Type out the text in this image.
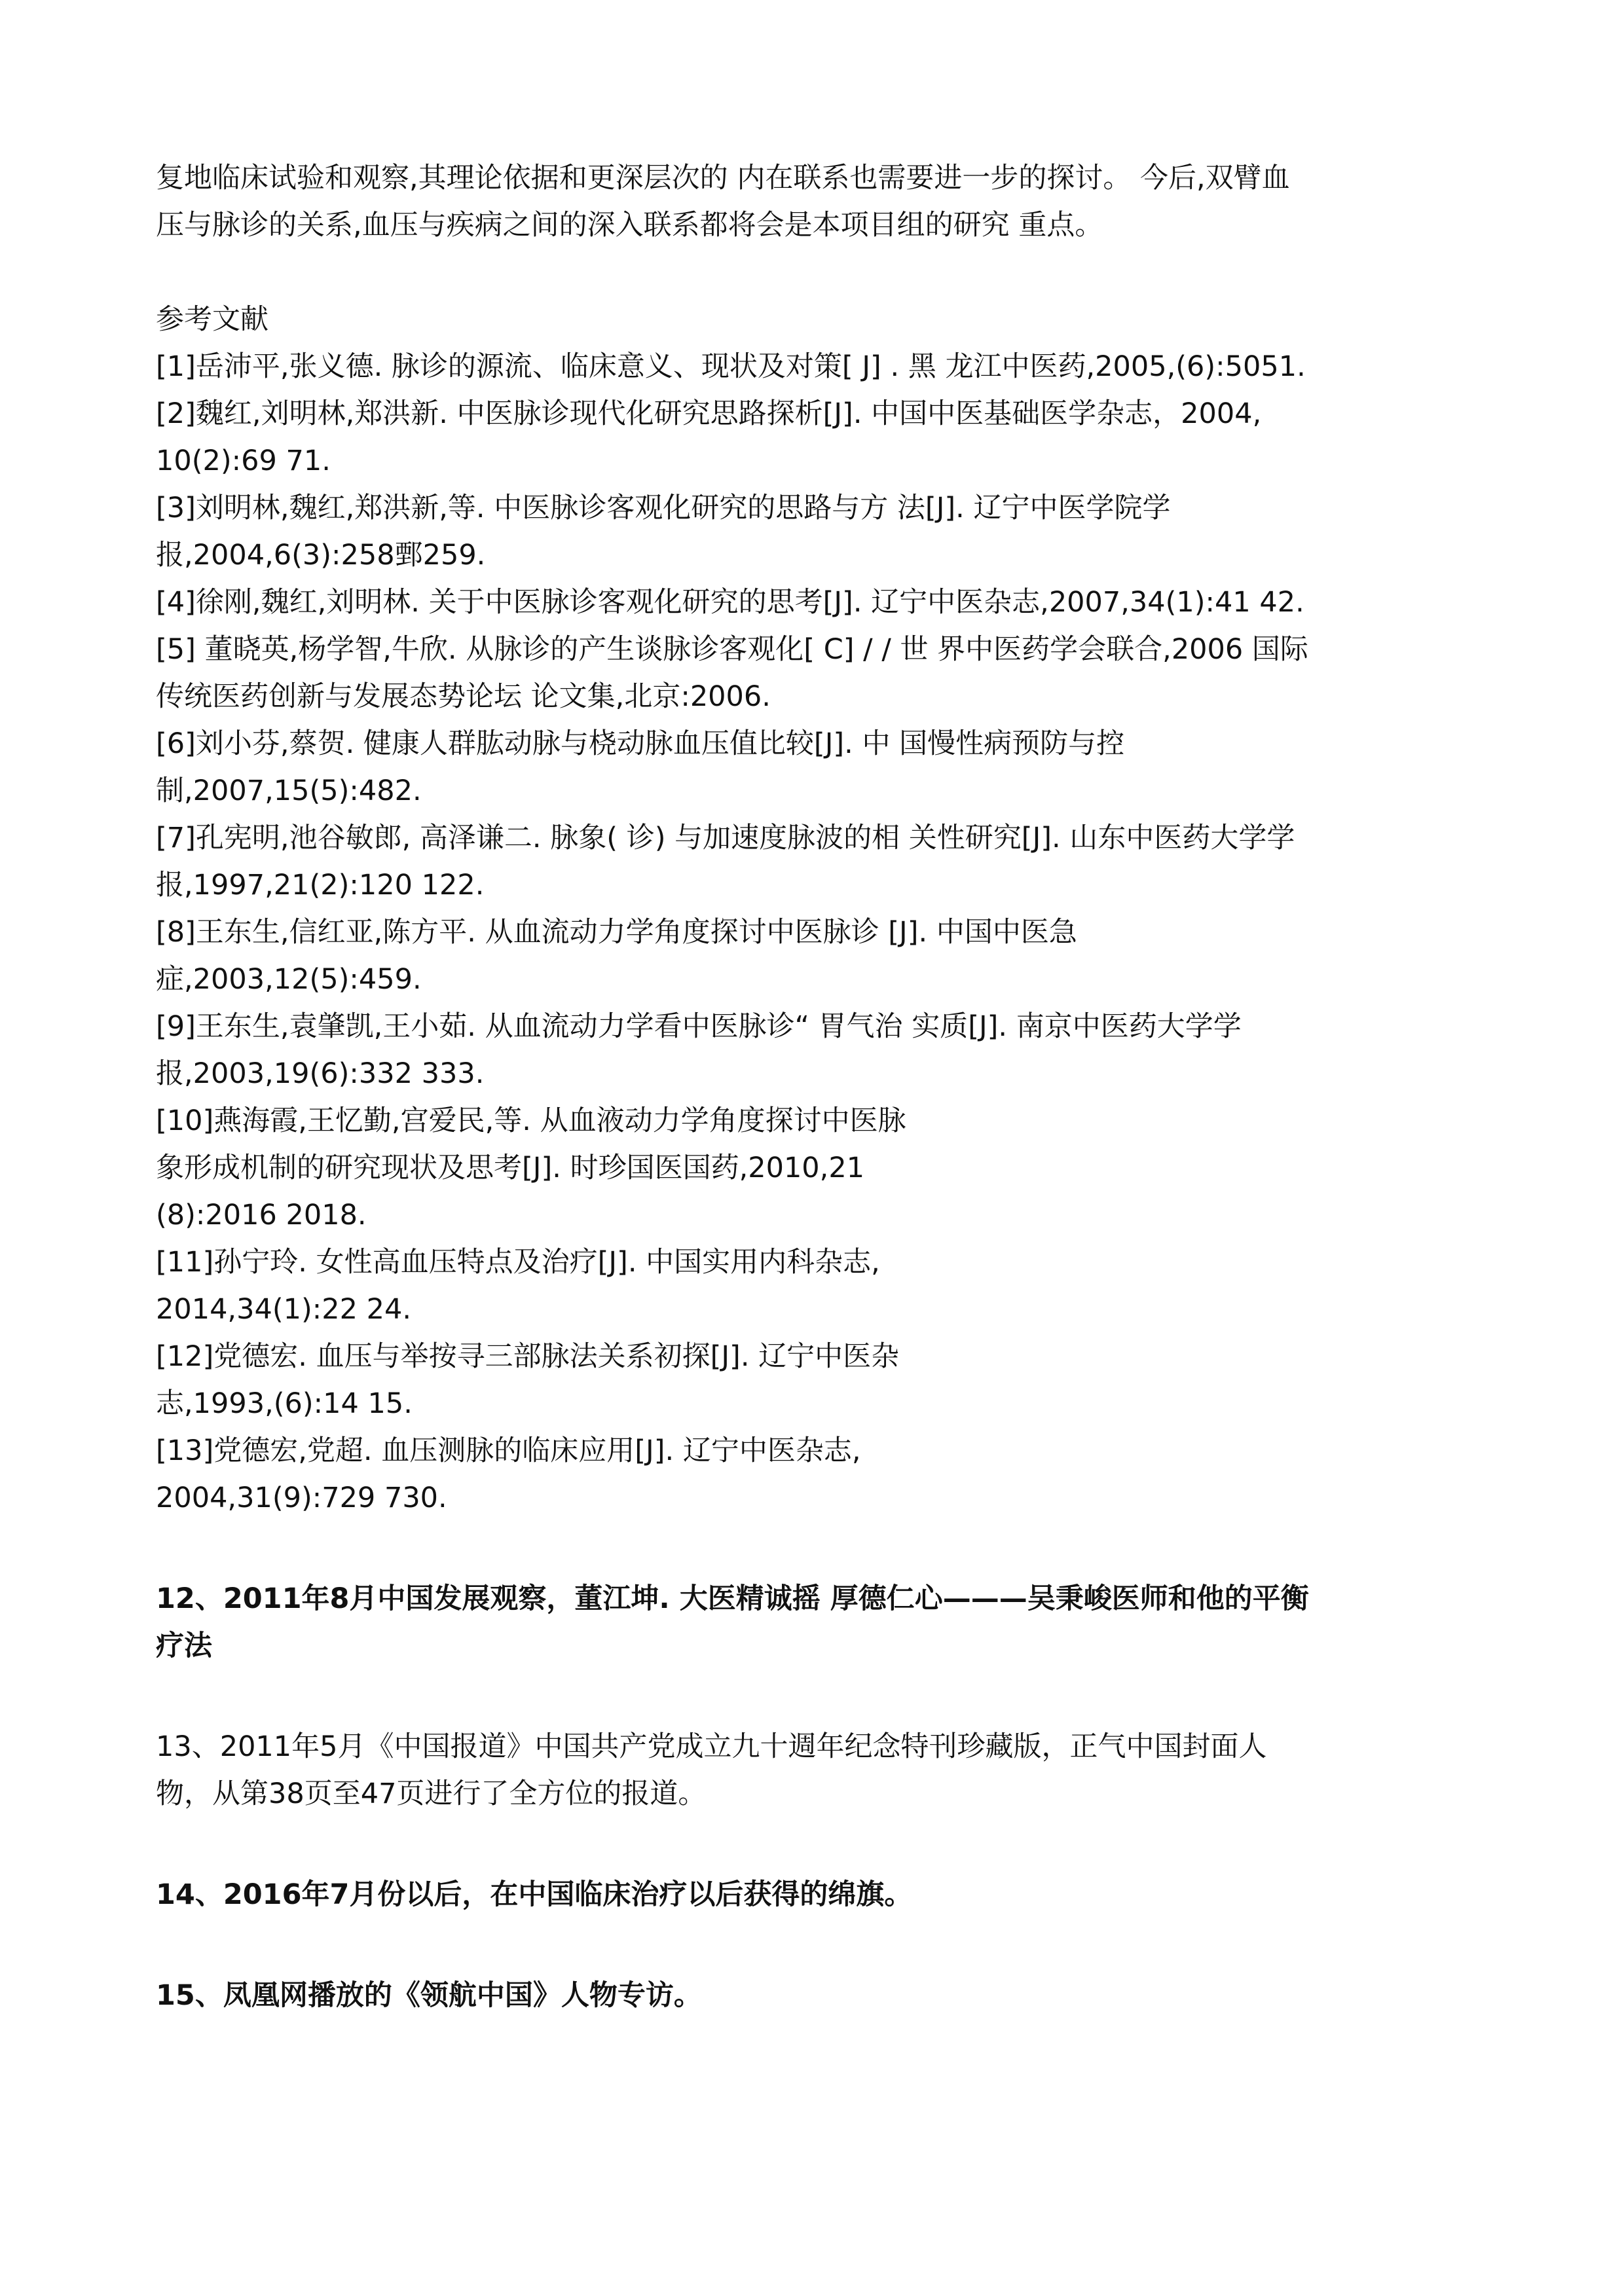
复地临床试验和观察,其理论依据和更深层次的 内在联系也需要进一步的探讨。 今后,双臂血
压与脉诊的关系,血压与疾病之间的深入联系都将会是本项目组的研究 重点。
参考文献
[1]岳沛平,张义德. 脉诊的源流、临床意义、现状及对策[ J] . 黑 龙江中医药,2005,(6):5051.
[2]魏红,刘明林,郑洪新. 中医脉诊现代化研究思路探析[J]. 中国中医基础医学杂志，2004,
10(2):69 71.
[3]刘明林,魏红,郑洪新,等. 中医脉诊客观化研究的思路与方 法[J]. 辽宁中医学院学
报,2004,6(3):258鄄259.
[4]徐刚,魏红,刘明林. 关于中医脉诊客观化研究的思考[J]. 辽宁中医杂志,2007,34(1):41 42.
[5] 董晓英,杨学智,牛欣. 从脉诊的产生谈脉诊客观化[ C] / / 世 界中医药学会联合,2006 国际
传统医药创新与发展态势论坛 论文集,北京:2006.
[6]刘小芬,蔡贺. 健康人群肱动脉与桡动脉血压值比较[J]. 中 国慢性病预防与控
制,2007,15(5):482.
[7]孔宪明,池谷敏郎, 高泽谦二. 脉象( 诊) 与加速度脉波的相 关性研究[J]. 山东中医药大学学
报,1997,21(2):120 122.
[8]王东生,信红亚,陈方平. 从血流动力学角度探讨中医脉诊 [J]. 中国中医急
症,2003,12(5):459.
[9]王东生,袁肇凯,王小茹. 从血流动力学看中医脉诊“ 胃气治 实质[J]. 南京中医药大学学
报,2003,19(6):332 333.
[10]燕海霞,王忆勤,宫爱民,等. 从血液动力学角度探讨中医脉
象形成机制的研究现状及思考[J]. 时珍国医国药,2010,21
(8):2016 2018.
[11]孙宁玲. 女性高血压特点及治疗[J]. 中国实用内科杂志,
2014,34(1):22 24.
[12]党德宏. 血压与举按寻三部脉法关系初探[J]. 辽宁中医杂
志,1993,(6):14 15.
[13]党德宏,党超. 血压测脉的临床应用[J]. 辽宁中医杂志,
2004,31(9):729 730.
12、2011年8月中国发展观察，董江坤. 大医精诚摇 厚德仁心———吴秉峻医师和他的平衡
疗法
13、2011年5月《中国报道》中国共产党成立九十週年纪念特刊珍藏版，正气中国封面人
物，从第38页至47页进行了全方位的报道。
14、2016年7月份以后，在中国临床治疗以后获得的绵旗。
15、凤凰网播放的《领航中国》人物专访。
